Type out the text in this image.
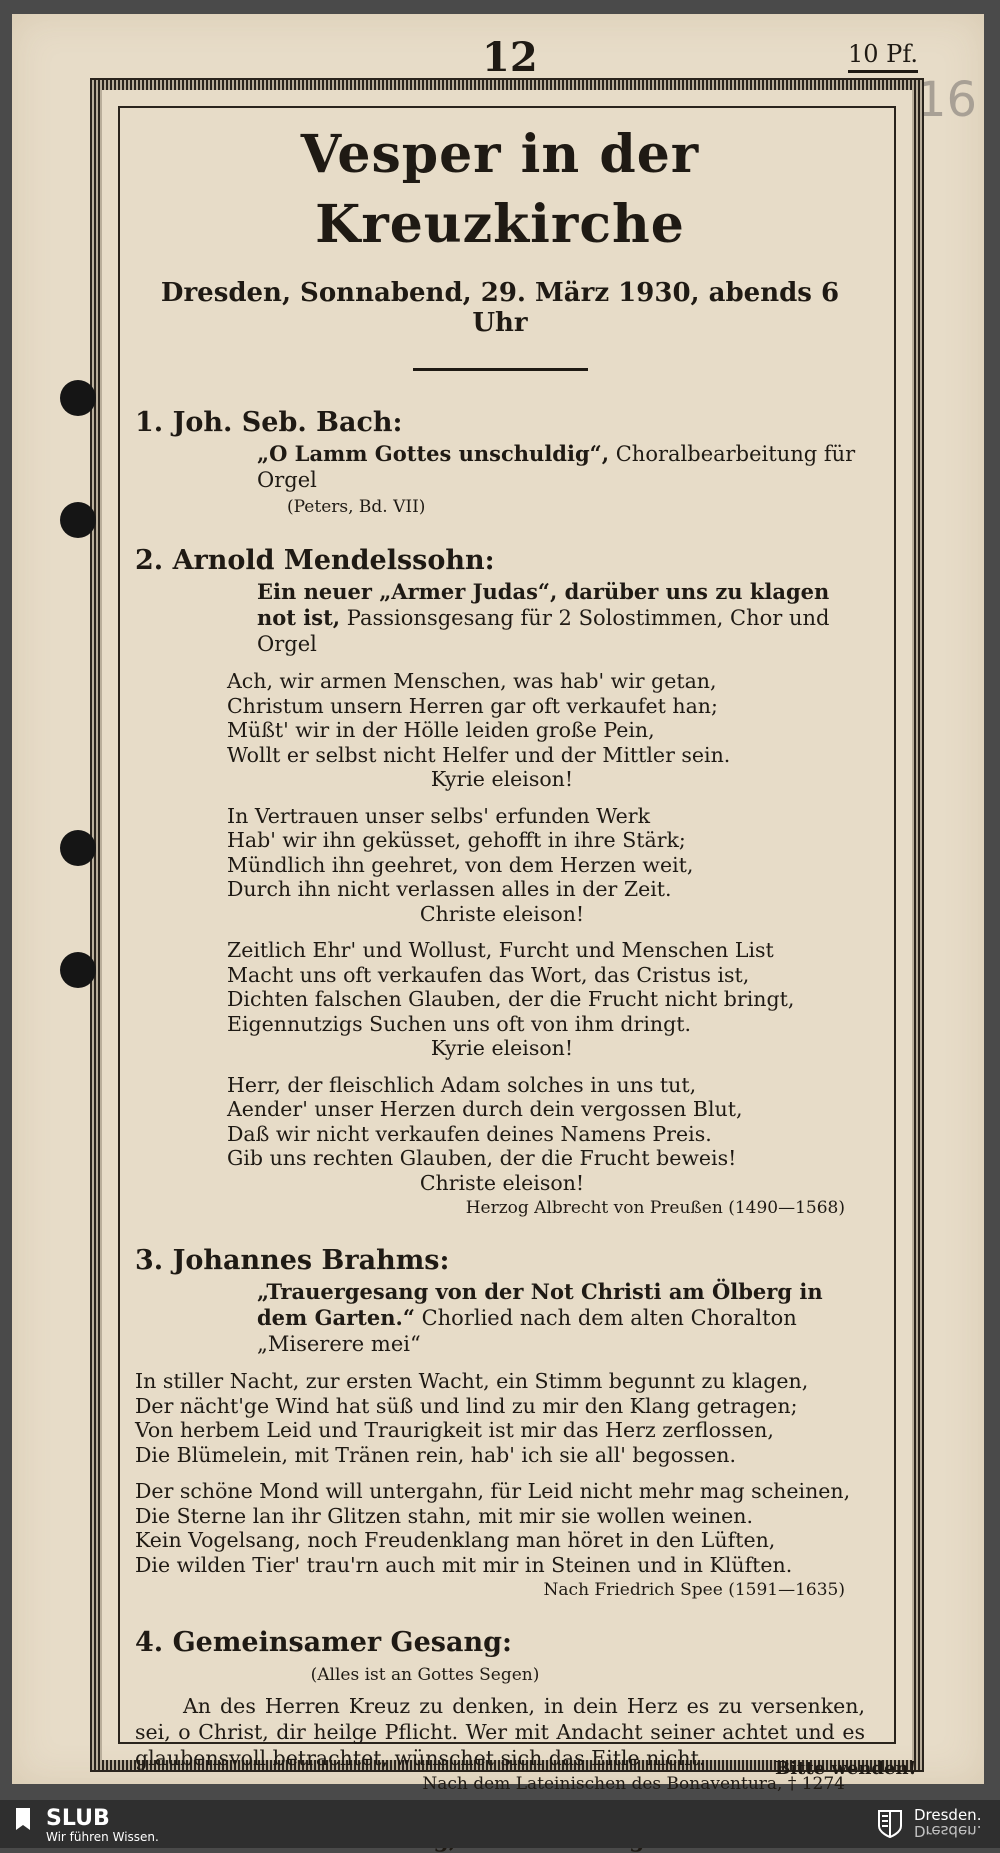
12	10 Pf.
16
Vesper in der Kreuzkirche
Dresden, Sonnabend, 29. März 1930, abends 6 Uhr
1. Joh. Seb. Bach:
„O Lamm Gottes unschuldig“, Choralbearbeitung für Orgel
(Peters, Bd. VII)
2. Arnold Mendelssohn:
Ein neuer „Armer Judas“, darüber uns zu klagen not ist, Passionsgesang für 2 Solostimmen, Chor und Orgel
Ach, wir armen Menschen, was hab' wir getan,
Christum unsern Herren gar oft verkaufet han;
Müßt' wir in der Hölle leiden große Pein,
Wollt er selbst nicht Helfer und der Mittler sein.
Kyrie eleison!
In Vertrauen unser selbs' erfunden Werk
Hab' wir ihn geküsset, gehofft in ihre Stärk;
Mündlich ihn geehret, von dem Herzen weit,
Durch ihn nicht verlassen alles in der Zeit.
Christe eleison!
Zeitlich Ehr' und Wollust, Furcht und Menschen List
Macht uns oft verkaufen das Wort, das Cristus ist,
Dichten falschen Glauben, der die Frucht nicht bringt,
Eigennutzigs Suchen uns oft von ihm dringt.
Kyrie eleison!
Herr, der fleischlich Adam solches in uns tut,
Aender' unser Herzen durch dein vergossen Blut,
Daß wir nicht verkaufen deines Namens Preis.
Gib uns rechten Glauben, der die Frucht beweis!
Christe eleison!
Herzog Albrecht von Preußen (1490—1568)
3. Johannes Brahms:
„Trauergesang von der Not Christi am Ölberg in dem Garten.“ Chorlied nach dem alten Choralton „Miserere mei“
In stiller Nacht, zur ersten Wacht, ein Stimm begunnt zu klagen,
Der nächt'ge Wind hat süß und lind zu mir den Klang getragen;
Von herbem Leid und Traurigkeit ist mir das Herz zerflossen,
Die Blümelein, mit Tränen rein, hab' ich sie all' begossen.
Der schöne Mond will untergahn, für Leid nicht mehr mag scheinen,
Die Sterne lan ihr Glitzen stahn, mit mir sie wollen weinen.
Kein Vogelsang, noch Freudenklang man höret in den Lüften,
Die wilden Tier' trau'rn auch mit mir in Steinen und in Klüften.
Nach Friedrich Spee (1591—1635)
4. Gemeinsamer Gesang:
(Alles ist an Gottes Segen)
An des Herren Kreuz zu denken, in dein Herz es zu versenken, sei, o Christ, dir heilge Pflicht. Wer mit Andacht seiner achtet und es glaubensvoll betrachtet, wünschet sich das Eitle nicht.
Nach dem Lateinischen des Bonaventura, † 1274
Bitte wenden!
SLUB
Wir führen Wissen.
Dresden.
Dresden.
